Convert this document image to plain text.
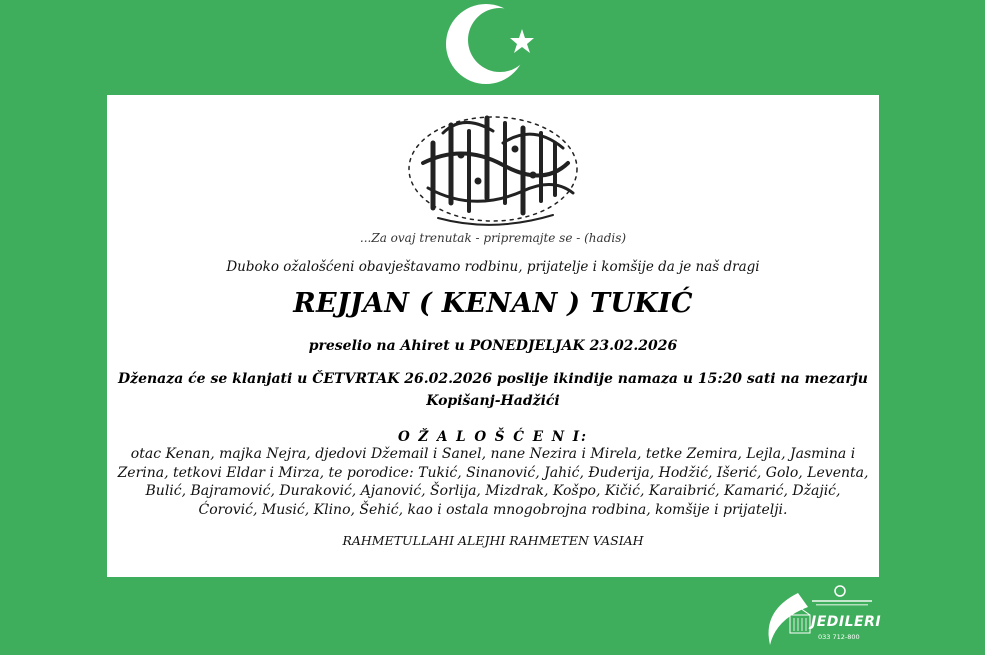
...Za ovaj trenutak - pripremajte se - (hadis)
Duboko ožalošćeni obavještavamo rodbinu, prijatelje i komšije da je naš dragi
REJJAN ( KENAN ) TUKIĆ
preselio na Ahiret u PONEDJELJAK 23.02.2026
Dženaza će se klanjati u ČETVRTAK 26.02.2026 poslije ikindije namaza u 15:20 sati na mezarju Kopišanj-Hadžići
O Ž A L O Š Ć E N I:
otac Kenan, majka Nejra, djedovi Džemail i Sanel, nane Nezira i Mirela, tetke Zemira, Lejla, Jasmina i Zerina, tetkovi Eldar i Mirza, te porodice: Tukić, Sinanović, Jahić, Đuderija, Hodžić, Išerić, Golo, Leventa, Bulić, Bajramović, Duraković, Ajanović, Šorlija, Mizdrak, Košpo, Kičić, Karaibrić, Kamarić, Džajić, Ćorović, Musić, Klino, Šehić, kao i ostala mnogobrojna rodbina, komšije i prijatelji.
RAHMETULLAHI ALEJHI RAHMETEN VASIAH
JEDILERI
033 712-800
